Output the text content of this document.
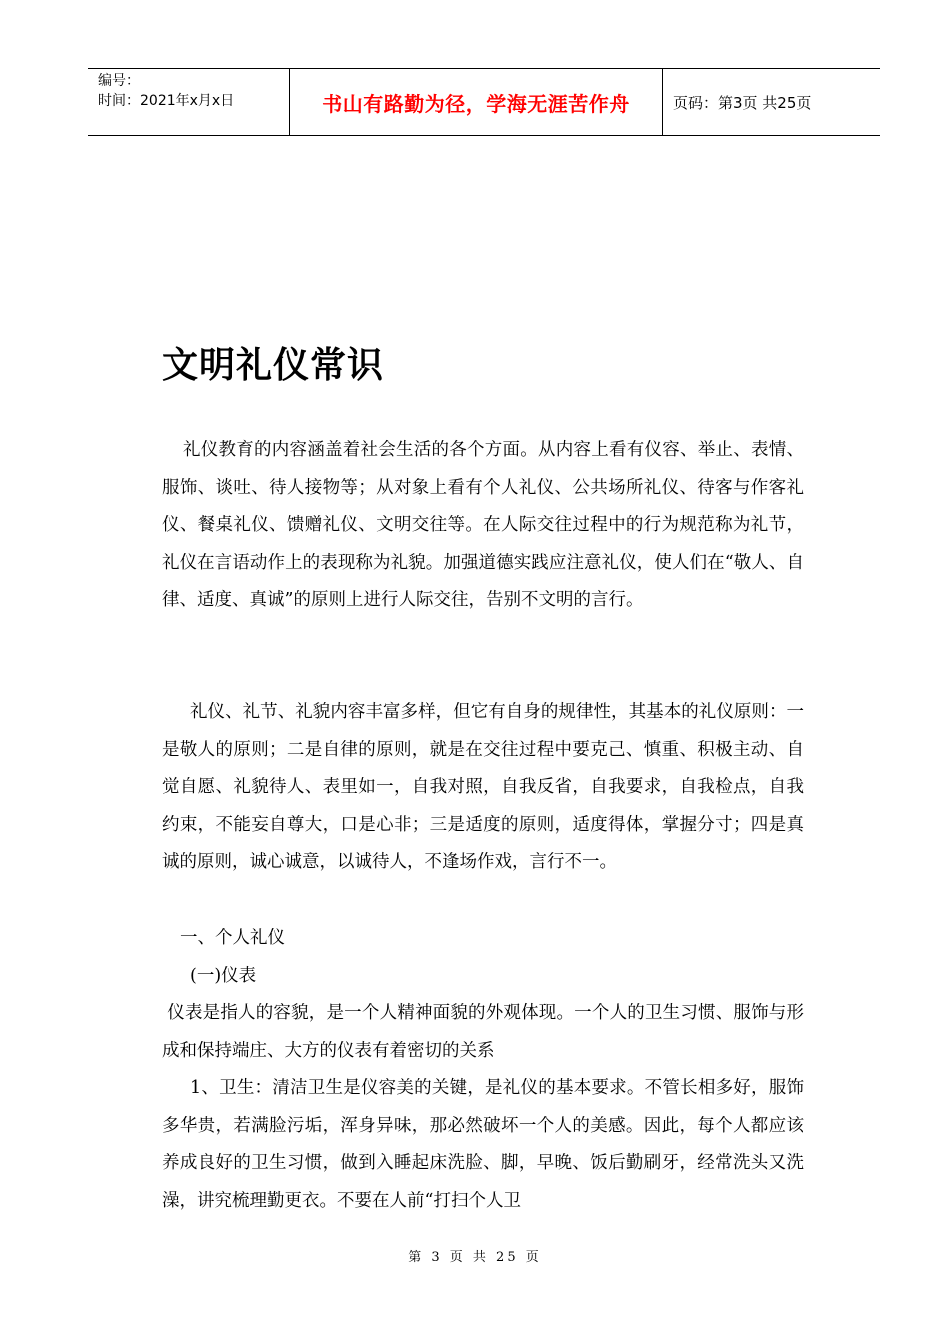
编号：
时间：2021年x月x日	书山有路勤为径，学海无涯苦作舟	页码：第3页 共25页
文明礼仪常识

礼仪教育的内容涵盖着社会生活的各个方面。从内容上看有仪容、举止、表情、服饰、谈吐、待人接物等；从对象上看有个人礼仪、公共场所礼仪、待客与作客礼仪、餐桌礼仪、馈赠礼仪、文明交往等。在人际交往过程中的行为规范称为礼节，礼仪在言语动作上的表现称为礼貌。加强道德实践应注意礼仪，使人们在“敬人、自律、适度、真诚”的原则上进行人际交往，告别不文明的言行。

礼仪、礼节、礼貌内容丰富多样，但它有自身的规律性，其基本的礼仪原则：一是敬人的原则；二是自律的原则，就是在交往过程中要克己、慎重、积极主动、自觉自愿、礼貌待人、表里如一，自我对照，自我反省，自我要求，自我检点，自我约束，不能妄自尊大，口是心非；三是适度的原则，适度得体，掌握分寸；四是真诚的原则，诚心诚意，以诚待人，不逢场作戏，言行不一。

一、个人礼仪

(一)仪表

仪表是指人的容貌，是一个人精神面貌的外观体现。一个人的卫生习惯、服饰与形成和保持端庄、大方的仪表有着密切的关系

1、卫生：清洁卫生是仪容美的关键，是礼仪的基本要求。不管长相多好，服饰多华贵，若满脸污垢，浑身异味，那必然破坏一个人的美感。因此，每个人都应该养成良好的卫生习惯，做到入睡起床洗脸、脚，早晚、饭后勤刷牙，经常洗头又洗澡，讲究梳理勤更衣。不要在人前“打扫个人卫

第 3 页 共 25 页
